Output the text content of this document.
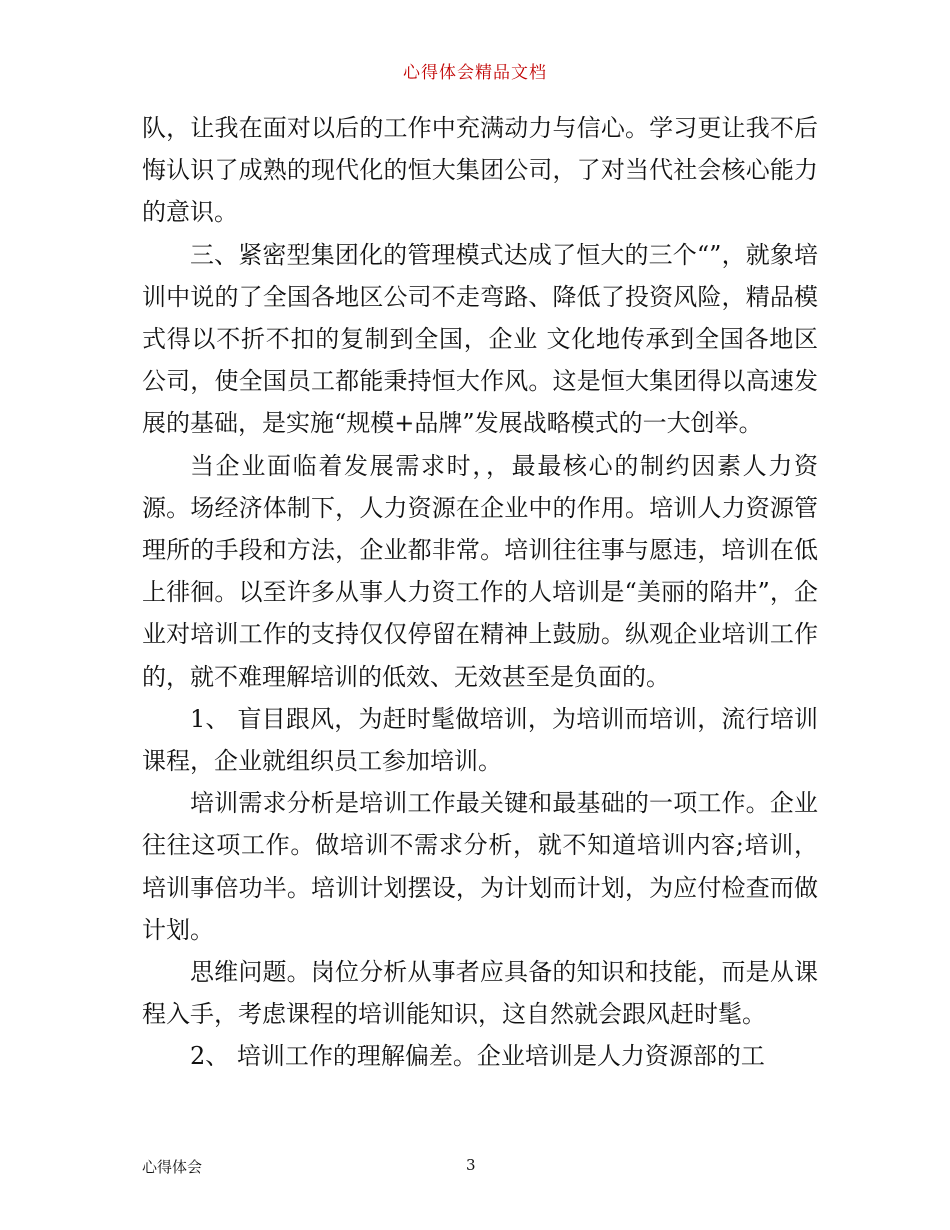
心得体会精品文档

队，让我在面对以后的工作中充满动力与信心。学习更让我不后悔认识了成熟的现代化的恒大集团公司，了对当代社会核心能力的意识。

三、紧密型集团化的管理模式达成了恒大的三个“”，就象培训中说的了全国各地区公司不走弯路、降低了投资风险，精品模式得以不折不扣的复制到全国，企业 文化地传承到全国各地区公司，使全国员工都能秉持恒大作风。这是恒大集团得以高速发展的基础，是实施“规模+品牌”发展战略模式的一大创举。

当企业面临着发展需求时，，最最核心的制约因素人力资源。场经济体制下，人力资源在企业中的作用。培训人力资源管理所的手段和方法，企业都非常。培训往往事与愿违，培训在低上徘徊。以至许多从事人力资工作的人培训是“美丽的陷井”，企业对培训工作的支持仅仅停留在精神上鼓励。纵观企业培训工作的，就不难理解培训的低效、无效甚至是负面的。

1、 盲目跟风，为赶时髦做培训，为培训而培训，流行培训课程，企业就组织员工参加培训。

培训需求分析是培训工作最关键和最基础的一项工作。企业往往这项工作。做培训不需求分析，就不知道培训内容;培训，培训事倍功半。培训计划摆设，为计划而计划，为应付检查而做计划。

思维问题。岗位分析从事者应具备的知识和技能，而是从课程入手，考虑课程的培训能知识，这自然就会跟风赶时髦。

2、 培训工作的理解偏差。企业培训是人力资源部的工

心得体会	3
